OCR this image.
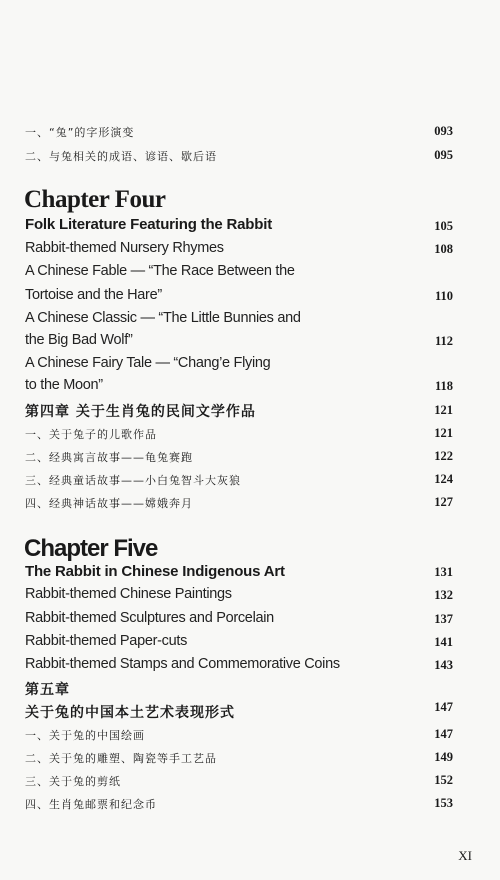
一、“兔”的字形演变	093
二、与兔相关的成语、谚语、歇后语	095
Chapter Four
Folk Literature Featuring the Rabbit	105
Rabbit-themed Nursery Rhymes	108
A Chinese Fable — “The Race Between the
Tortoise and the Hare”	110
A Chinese Classic — “The Little Bunnies and
the Big Bad Wolf”	112
A Chinese Fairy Tale — “Chang’e Flying
to the Moon”	118
第四章 关于生肖兔的民间文学作品	121
一、关于兔子的儿歌作品	121
二、经典寓言故事——龟兔赛跑	122
三、经典童话故事——小白兔智斗大灰狼	124
四、经典神话故事——嫦娥奔月	127
Chapter Five
The Rabbit in Chinese Indigenous Art	131
Rabbit-themed Chinese Paintings	132
Rabbit-themed Sculptures and Porcelain	137
Rabbit-themed Paper-cuts	141
Rabbit-themed Stamps and Commemorative Coins	143
第五章
关于兔的中国本土艺术表现形式	147
一、关于兔的中国绘画	147
二、关于兔的雕塑、陶瓷等手工艺品	149
三、关于兔的剪纸	152
四、生肖兔邮票和纪念币	153
XI
